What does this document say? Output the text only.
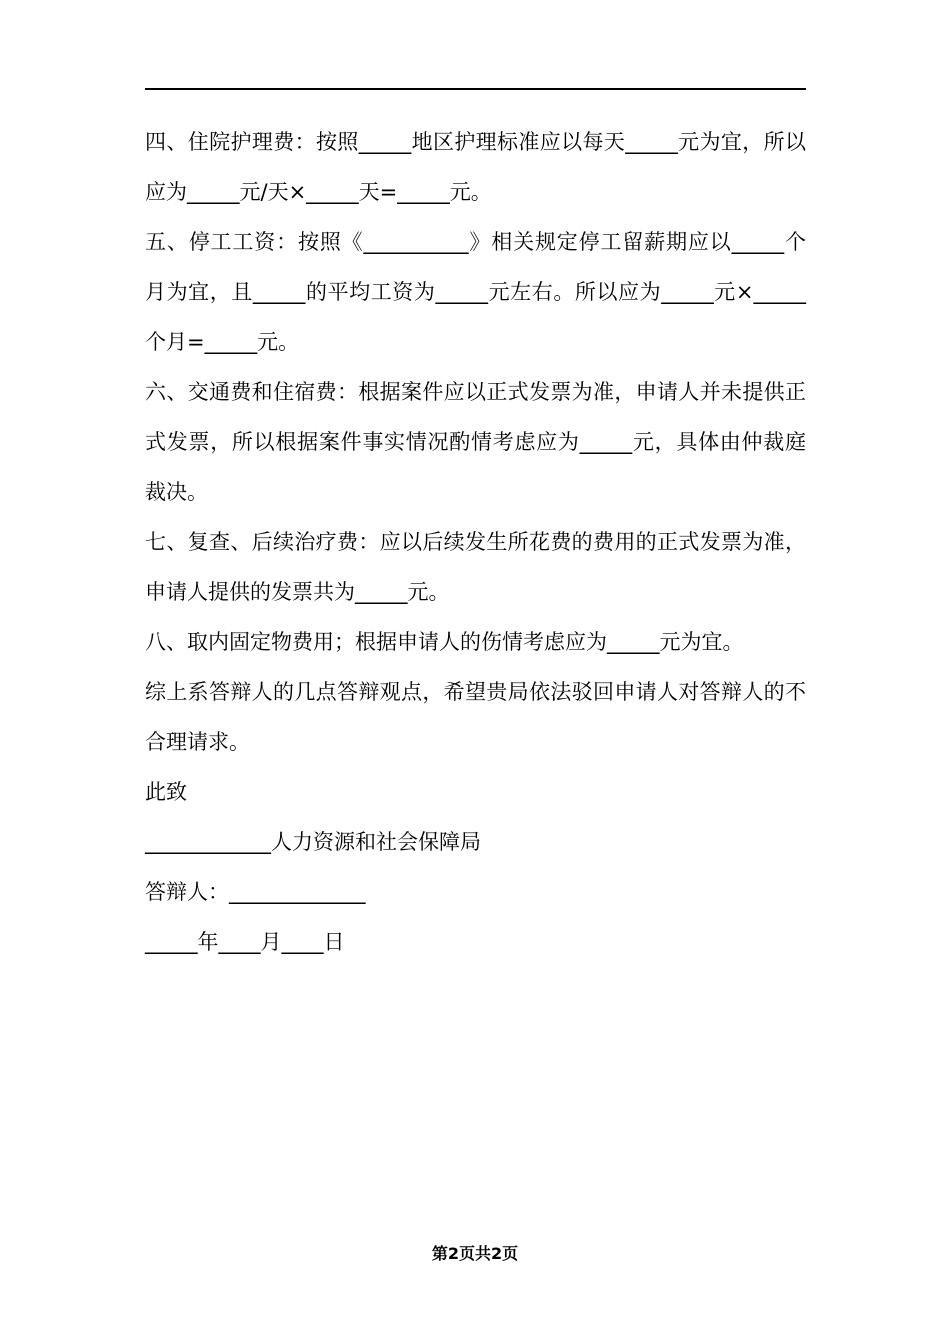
四、住院护理费：按照_____地区护理标准应以每天_____元为宜，所以应为_____元/天×_____天=_____元。

五、停工工资：按照《__________》相关规定停工留薪期应以_____个月为宜，且_____的平均工资为_____元左右。所以应为_____元×_____个月=_____元。

六、交通费和住宿费：根据案件应以正式发票为准，申请人并未提供正式发票，所以根据案件事实情况酌情考虑应为_____元，具体由仲裁庭裁决。

七、复查、后续治疗费：应以后续发生所花费的费用的正式发票为准，申请人提供的发票共为_____元。

八、取内固定物费用；根据申请人的伤情考虑应为_____元为宜。

综上系答辩人的几点答辩观点，希望贵局依法驳回申请人对答辩人的不合理请求。

此致

____________人力资源和社会保障局

答辩人：_____________

_____年____月____日

第2页共2页
